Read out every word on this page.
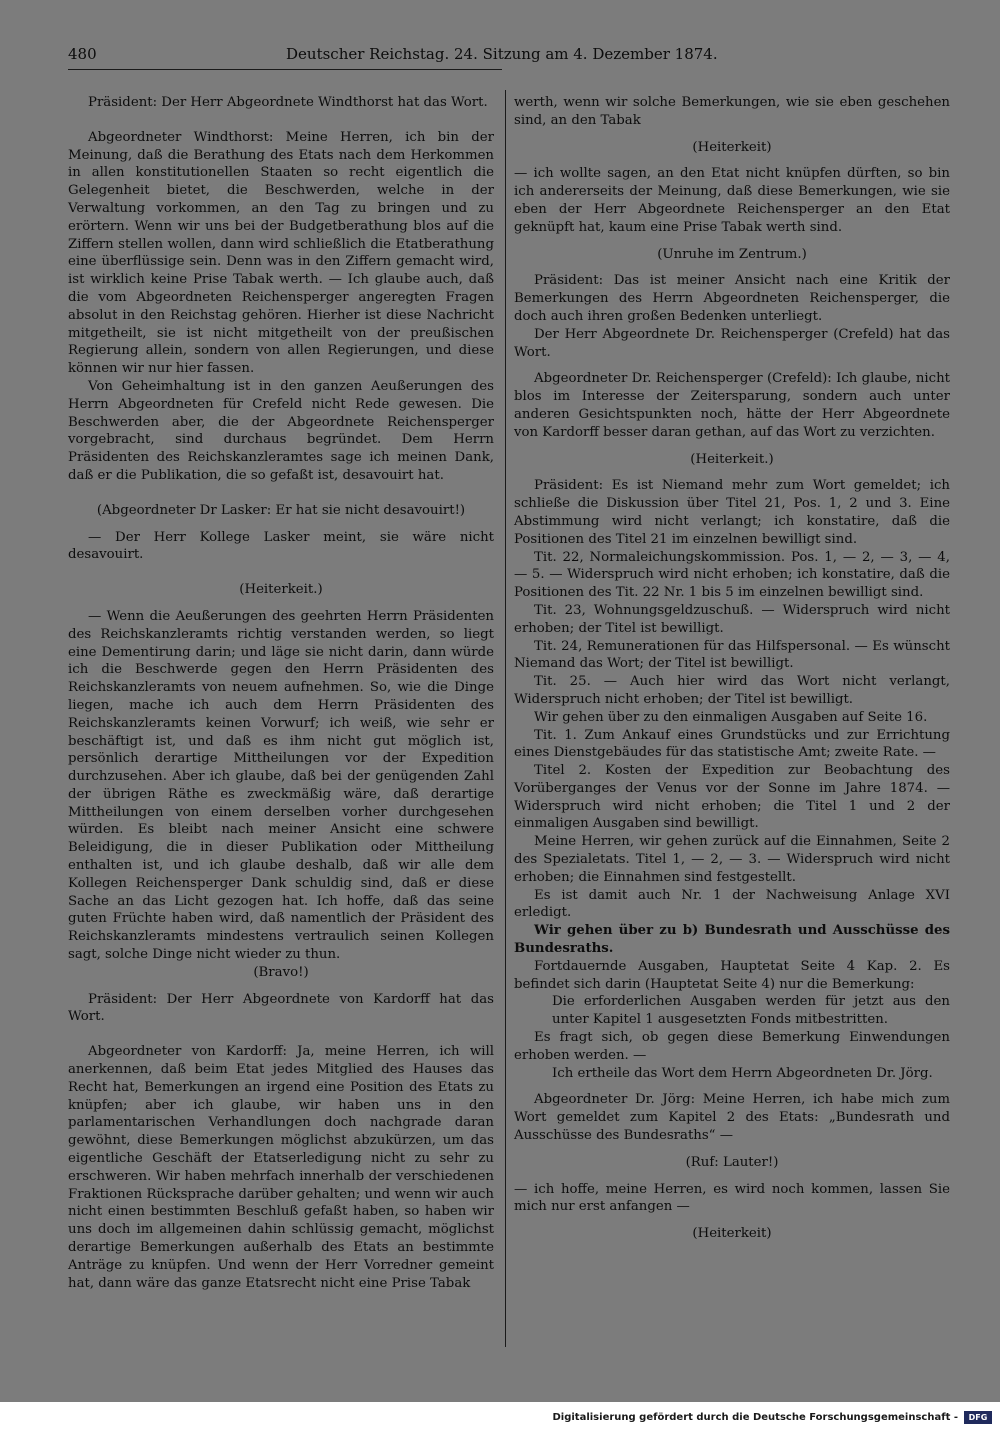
480	Deutscher Reichstag. 24. Sitzung am 4. Dezember 1874.

Präsident: Der Herr Abgeordnete Windthorst hat das Wort.

Abgeordneter Windthorst: Meine Herren, ich bin der Meinung, daß die Berathung des Etats nach dem Herkommen in allen konstitutionellen Staaten so recht eigentlich die Gelegenheit bietet, die Beschwerden, welche in der Verwaltung vorkommen, an den Tag zu bringen und zu erörtern. Wenn wir uns bei der Budgetberathung blos auf die Ziffern stellen wollen, dann wird schließlich die Etatberathung eine überflüssige sein. Denn was in den Ziffern gemacht wird, ist wirklich keine Prise Tabak werth. — Ich glaube auch, daß die vom Abgeordneten Reichensperger angeregten Fragen absolut in den Reichstag gehören. Hierher ist diese Nachricht mitgetheilt, sie ist nicht mitgetheilt von der preußischen Regierung allein, sondern von allen Regierungen, und diese können wir nur hier fassen.

Von Geheimhaltung ist in den ganzen Aeußerungen des Herrn Abgeordneten für Crefeld nicht Rede gewesen. Die Beschwerden aber, die der Abgeordnete Reichensperger vorgebracht, sind durchaus begründet. Dem Herrn Präsidenten des Reichskanzleramtes sage ich meinen Dank, daß er die Publikation, die so gefaßt ist, desavouirt hat.

(Abgeordneter Dr Lasker: Er hat sie nicht desavouirt!)

— Der Herr Kollege Lasker meint, sie wäre nicht desavouirt.

(Heiterkeit.)

— Wenn die Aeußerungen des geehrten Herrn Präsidenten des Reichskanzleramts richtig verstanden werden, so liegt eine Dementirung darin; und läge sie nicht darin, dann würde ich die Beschwerde gegen den Herrn Präsidenten des Reichskanzleramts von neuem aufnehmen. So, wie die Dinge liegen, mache ich auch dem Herrn Präsidenten des Reichskanzleramts keinen Vorwurf; ich weiß, wie sehr er beschäftigt ist, und daß es ihm nicht gut möglich ist, persönlich derartige Mittheilungen vor der Expedition durchzusehen. Aber ich glaube, daß bei der genügenden Zahl der übrigen Räthe es zweckmäßig wäre, daß derartige Mittheilungen von einem derselben vorher durchgesehen würden. Es bleibt nach meiner Ansicht eine schwere Beleidigung, die in dieser Publikation oder Mittheilung enthalten ist, und ich glaube deshalb, daß wir alle dem Kollegen Reichensperger Dank schuldig sind, daß er diese Sache an das Licht gezogen hat. Ich hoffe, daß das seine guten Früchte haben wird, daß namentlich der Präsident des Reichskanzleramts mindestens vertraulich seinen Kollegen sagt, solche Dinge nicht wieder zu thun.

(Bravo!)

Präsident: Der Herr Abgeordnete von Kardorff hat das Wort.

Abgeordneter von Kardorff: Ja, meine Herren, ich will anerkennen, daß beim Etat jedes Mitglied des Hauses das Recht hat, Bemerkungen an irgend eine Position des Etats zu knüpfen; aber ich glaube, wir haben uns in den parlamentarischen Verhandlungen doch nachgrade daran gewöhnt, diese Bemerkungen möglichst abzukürzen, um das eigentliche Geschäft der Etatserledigung nicht zu sehr zu erschweren. Wir haben mehrfach innerhalb der verschiedenen Fraktionen Rücksprache darüber gehalten; und wenn wir auch nicht einen bestimmten Beschluß gefaßt haben, so haben wir uns doch im allgemeinen dahin schlüssig gemacht, möglichst derartige Bemerkungen außerhalb des Etats an bestimmte Anträge zu knüpfen. Und wenn der Herr Vorredner gemeint hat, dann wäre das ganze Etatsrecht nicht eine Prise Tabak

werth, wenn wir solche Bemerkungen, wie sie eben geschehen sind, an den Tabak

(Heiterkeit)

— ich wollte sagen, an den Etat nicht knüpfen dürften, so bin ich andererseits der Meinung, daß diese Bemerkungen, wie sie eben der Herr Abgeordnete Reichensperger an den Etat geknüpft hat, kaum eine Prise Tabak werth sind.

(Unruhe im Zentrum.)

Präsident: Das ist meiner Ansicht nach eine Kritik der Bemerkungen des Herrn Abgeordneten Reichensperger, die doch auch ihren großen Bedenken unterliegt.

Der Herr Abgeordnete Dr. Reichensperger (Crefeld) hat das Wort.

Abgeordneter Dr. Reichensperger (Crefeld): Ich glaube, nicht blos im Interesse der Zeitersparung, sondern auch unter anderen Gesichtspunkten noch, hätte der Herr Abgeordnete von Kardorff besser daran gethan, auf das Wort zu verzichten.

(Heiterkeit.)

Präsident: Es ist Niemand mehr zum Wort gemeldet; ich schließe die Diskussion über Titel 21, Pos. 1, 2 und 3. Eine Abstimmung wird nicht verlangt; ich konstatire, daß die Positionen des Titel 21 im einzelnen bewilligt sind.

Tit. 22, Normaleichungskommission. Pos. 1, — 2, — 3, — 4, — 5. — Widerspruch wird nicht erhoben; ich konstatire, daß die Positionen des Tit. 22 Nr. 1 bis 5 im einzelnen bewilligt sind.

Tit. 23, Wohnungsgeldzuschuß. — Widerspruch wird nicht erhoben; der Titel ist bewilligt.

Tit. 24, Remunerationen für das Hilfspersonal. — Es wünscht Niemand das Wort; der Titel ist bewilligt.

Tit. 25. — Auch hier wird das Wort nicht verlangt, Widerspruch nicht erhoben; der Titel ist bewilligt.

Wir gehen über zu den einmaligen Ausgaben auf Seite 16.

Tit. 1. Zum Ankauf eines Grundstücks und zur Errichtung eines Dienstgebäudes für das statistische Amt; zweite Rate. —

Titel 2. Kosten der Expedition zur Beobachtung des Vorüberganges der Venus vor der Sonne im Jahre 1874. — Widerspruch wird nicht erhoben; die Titel 1 und 2 der einmaligen Ausgaben sind bewilligt.

Meine Herren, wir gehen zurück auf die Einnahmen, Seite 2 des Spezialetats. Titel 1, — 2, — 3. — Widerspruch wird nicht erhoben; die Einnahmen sind festgestellt.

Es ist damit auch Nr. 1 der Nachweisung Anlage XVI erledigt.

Wir gehen über zu b) Bundesrath und Ausschüsse des Bundesraths.

Fortdauernde Ausgaben, Hauptetat Seite 4 Kap. 2. Es befindet sich darin (Hauptetat Seite 4) nur die Bemerkung:

Die erforderlichen Ausgaben werden für jetzt aus den unter Kapitel 1 ausgesetzten Fonds mitbestritten.

Es fragt sich, ob gegen diese Bemerkung Einwendungen erhoben werden. —

Ich ertheile das Wort dem Herrn Abgeordneten Dr. Jörg.

Abgeordneter Dr. Jörg: Meine Herren, ich habe mich zum Wort gemeldet zum Kapitel 2 des Etats: „Bundesrath und Ausschüsse des Bundesraths“ —

(Ruf: Lauter!)

— ich hoffe, meine Herren, es wird noch kommen, lassen Sie mich nur erst anfangen —

(Heiterkeit)

Digitalisierung gefördert durch die Deutsche Forschungsgemeinschaft -	DFG
